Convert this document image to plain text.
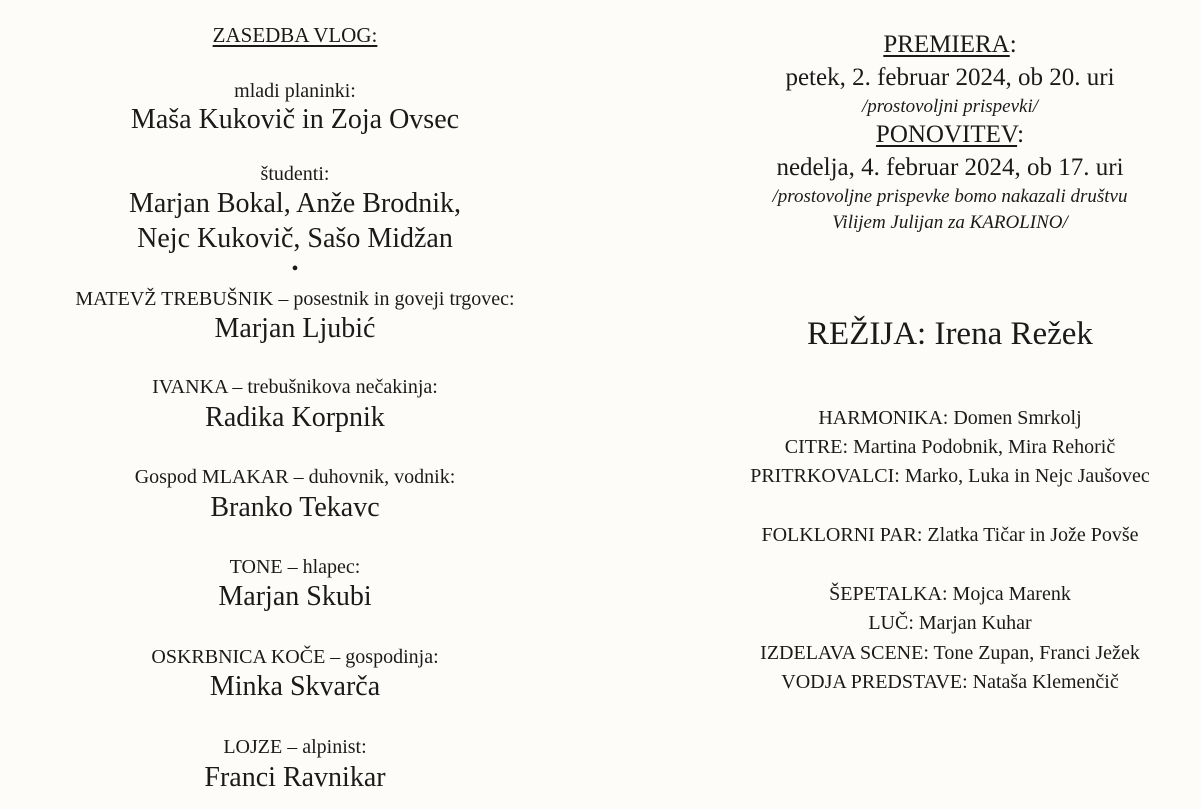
ZASEDBA VLOG:
mladi planinki:
Maša Kukovič in Zoja Ovsec
študenti:
Marjan Bokal, Anže Brodnik,
Nejc Kukovič, Sašo Midžan
•
MATEVŽ TREBUŠNIK – posestnik in goveji trgovec:
Marjan Ljubić
IVANKA – trebušnikova nečakinja:
Radika Korpnik
Gospod MLAKAR – duhovnik, vodnik:
Branko Tekavc
TONE – hlapec:
Marjan Skubi
OSKRBNICA KOČE – gospodinja:
Minka Skvarča
LOJZE – alpinist:
Franci Ravnikar
PREMIERA:
petek, 2. februar 2024, ob 20. uri
/prostovoljni prispevki/
PONOVITEV:
nedelja, 4. februar 2024, ob 17. uri
/prostovoljne prispevke bomo nakazali društvu
Vilijem Julijan za KAROLINO/
REŽIJA: Irena Režek
HARMONIKA: Domen Smrkolj
CITRE: Martina Podobnik, Mira Rehorič
PRITRKOVALCI: Marko, Luka in Nejc Jaušovec
FOLKLORNI PAR: Zlatka Tičar in Jože Povše
ŠEPETALKA: Mojca Marenk
LUČ: Marjan Kuhar
IZDELAVA SCENE: Tone Zupan, Franci Ježek
VODJA PREDSTAVE: Nataša Klemenčič
